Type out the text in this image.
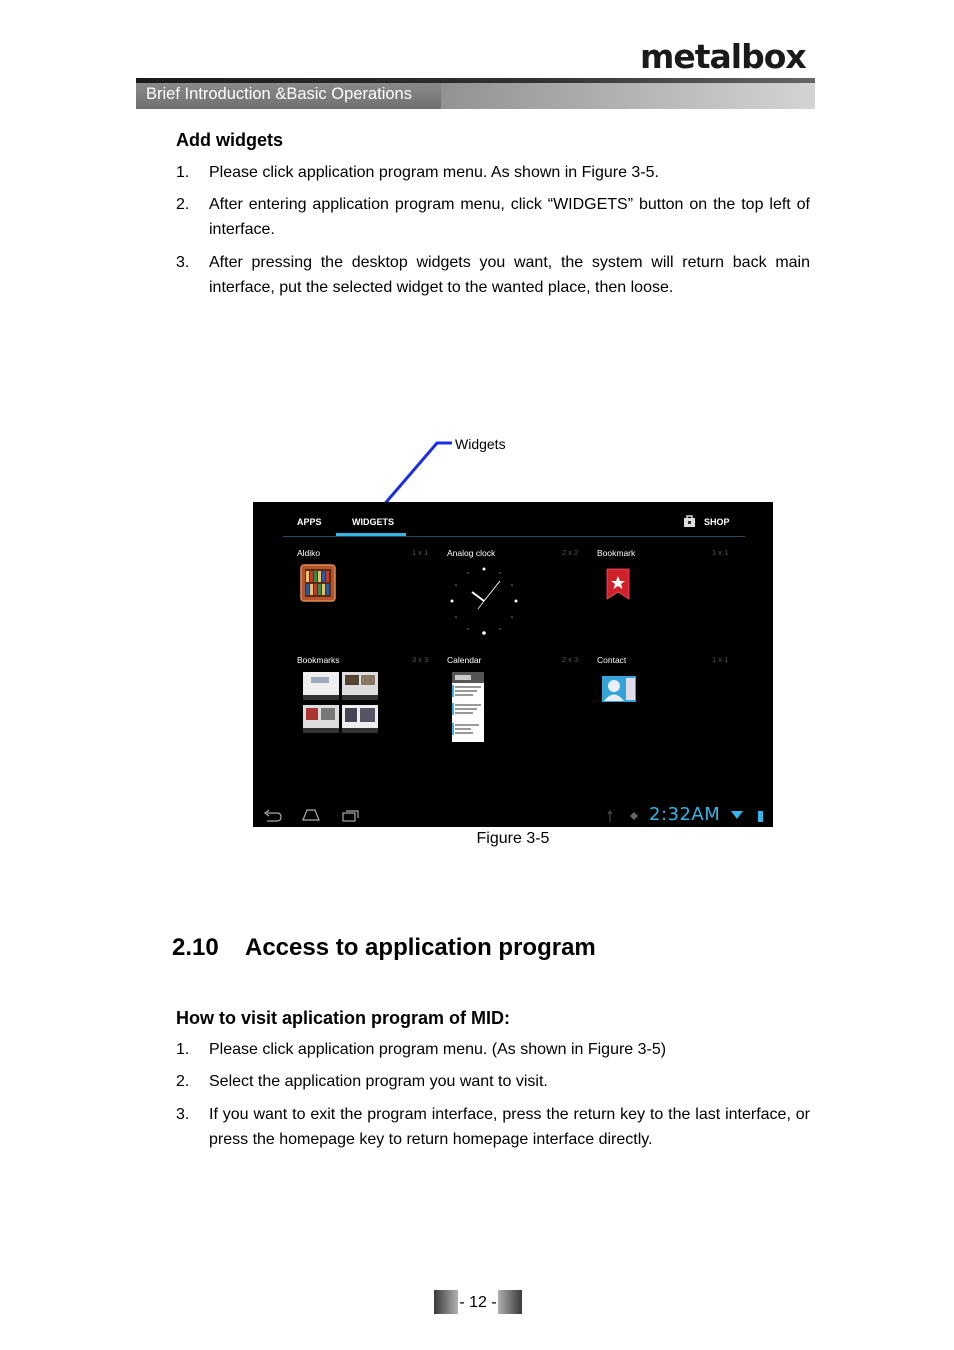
metalbox
Brief Introduction &Basic Operations
Add widgets
1. Please click application program menu. As shown in Figure 3-5.
2. After entering application program menu, click “WIDGETS” button on the top left of interface.
3. After pressing the desktop widgets you want, the system will return back main interface, put the selected widget to the wanted place, then loose.
Widgets
APPS	WIDGETS	SHOP
Aldiko	1 x 1 Analog clock	2 x 2 Bookmark	1 x 1
Bookmarks	3 x 3 Calendar	2 x 3 Contact	1 x 1
2:32AM
Figure 3-5
2.10 Access to application program
How to visit aplication program of MID:
1. Please click application program menu. (As shown in Figure 3-5)
2. Select the application program you want to visit.
3. If you want to exit the program interface, press the return key to the last interface, or press the homepage key to return homepage interface directly.
- 12 -
